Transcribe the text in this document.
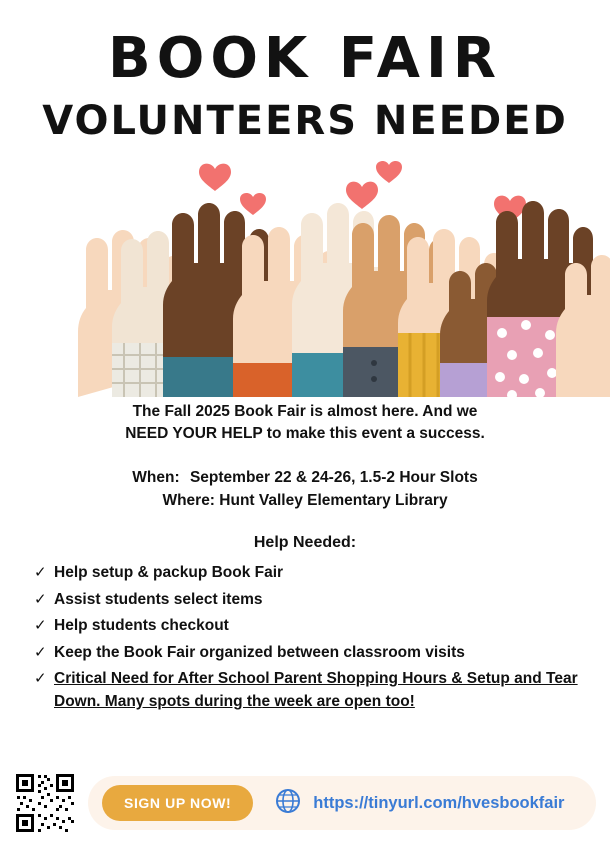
BOOK FAIR
VOLUNTEERS NEEDED
The Fall 2025 Book Fair is almost here. And we
NEED YOUR HELP to make this event a success.
When: September 22 & 24-26, 1.5-2 Hour Slots
Where: Hunt Valley Elementary Library
Help Needed:
✓ Help setup & packup Book Fair
✓ Assist students select items
✓ Help students checkout
✓ Keep the Book Fair organized between classroom visits
✓ Critical Need for After School Parent Shopping Hours & Setup and Tear Down. Many spots during the week are open too!
SIGN UP NOW!	https://tinyurl.com/hvesbookfair
